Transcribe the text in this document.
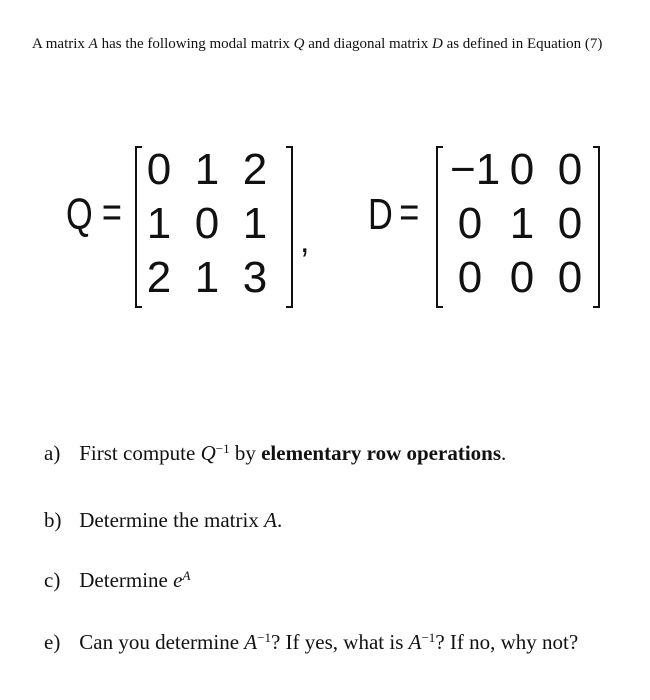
A matrix A has the following modal matrix Q and diagonal matrix D as defined in Equation (7)
Q =
0 1 2
1 0 1
2 1 3
,
D =
−1 0 0
0 1 0
0 0 0
a) First compute $Q^{-1}$ by elementary row operations.
b) Determine the matrix A.
c) Determine $e^A$
e) Can you determine $A^{-1}$? If yes, what is $A^{-1}$? If no, why not?
